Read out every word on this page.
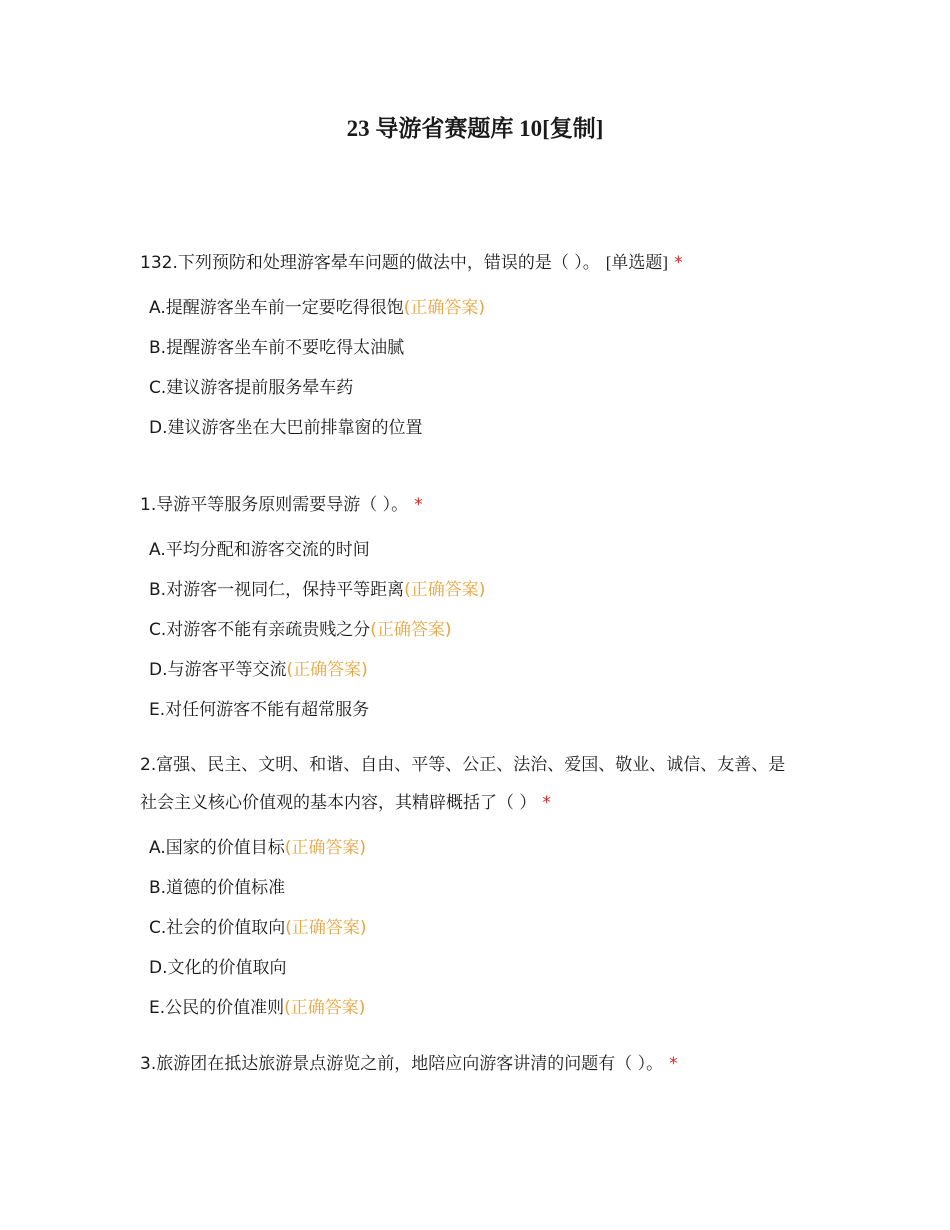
23 导游省赛题库 10[复制]

132.下列预防和处理游客晕车问题的做法中，错误的是（ ）。 [单选题] *

A.提醒游客坐车前一定要吃得很饱(正确答案)
B.提醒游客坐车前不要吃得太油腻
C.建议游客提前服务晕车药
D.建议游客坐在大巴前排靠窗的位置

1.导游平等服务原则需要导游（ ）。 *

A.平均分配和游客交流的时间
B.对游客一视同仁，保持平等距离(正确答案)
C.对游客不能有亲疏贵贱之分(正确答案)
D.与游客平等交流(正确答案)
E.对任何游客不能有超常服务

2.富强、民主、文明、和谐、自由、平等、公正、法治、爱国、敬业、诚信、友善、是社会主义核心价值观的基本内容，其精辟概括了（ ） *

A.国家的价值目标(正确答案)
B.道德的价值标准
C.社会的价值取向(正确答案)
D.文化的价值取向
E.公民的价值准则(正确答案)

3.旅游团在抵达旅游景点游览之前，地陪应向游客讲清的问题有（ ）。 *
